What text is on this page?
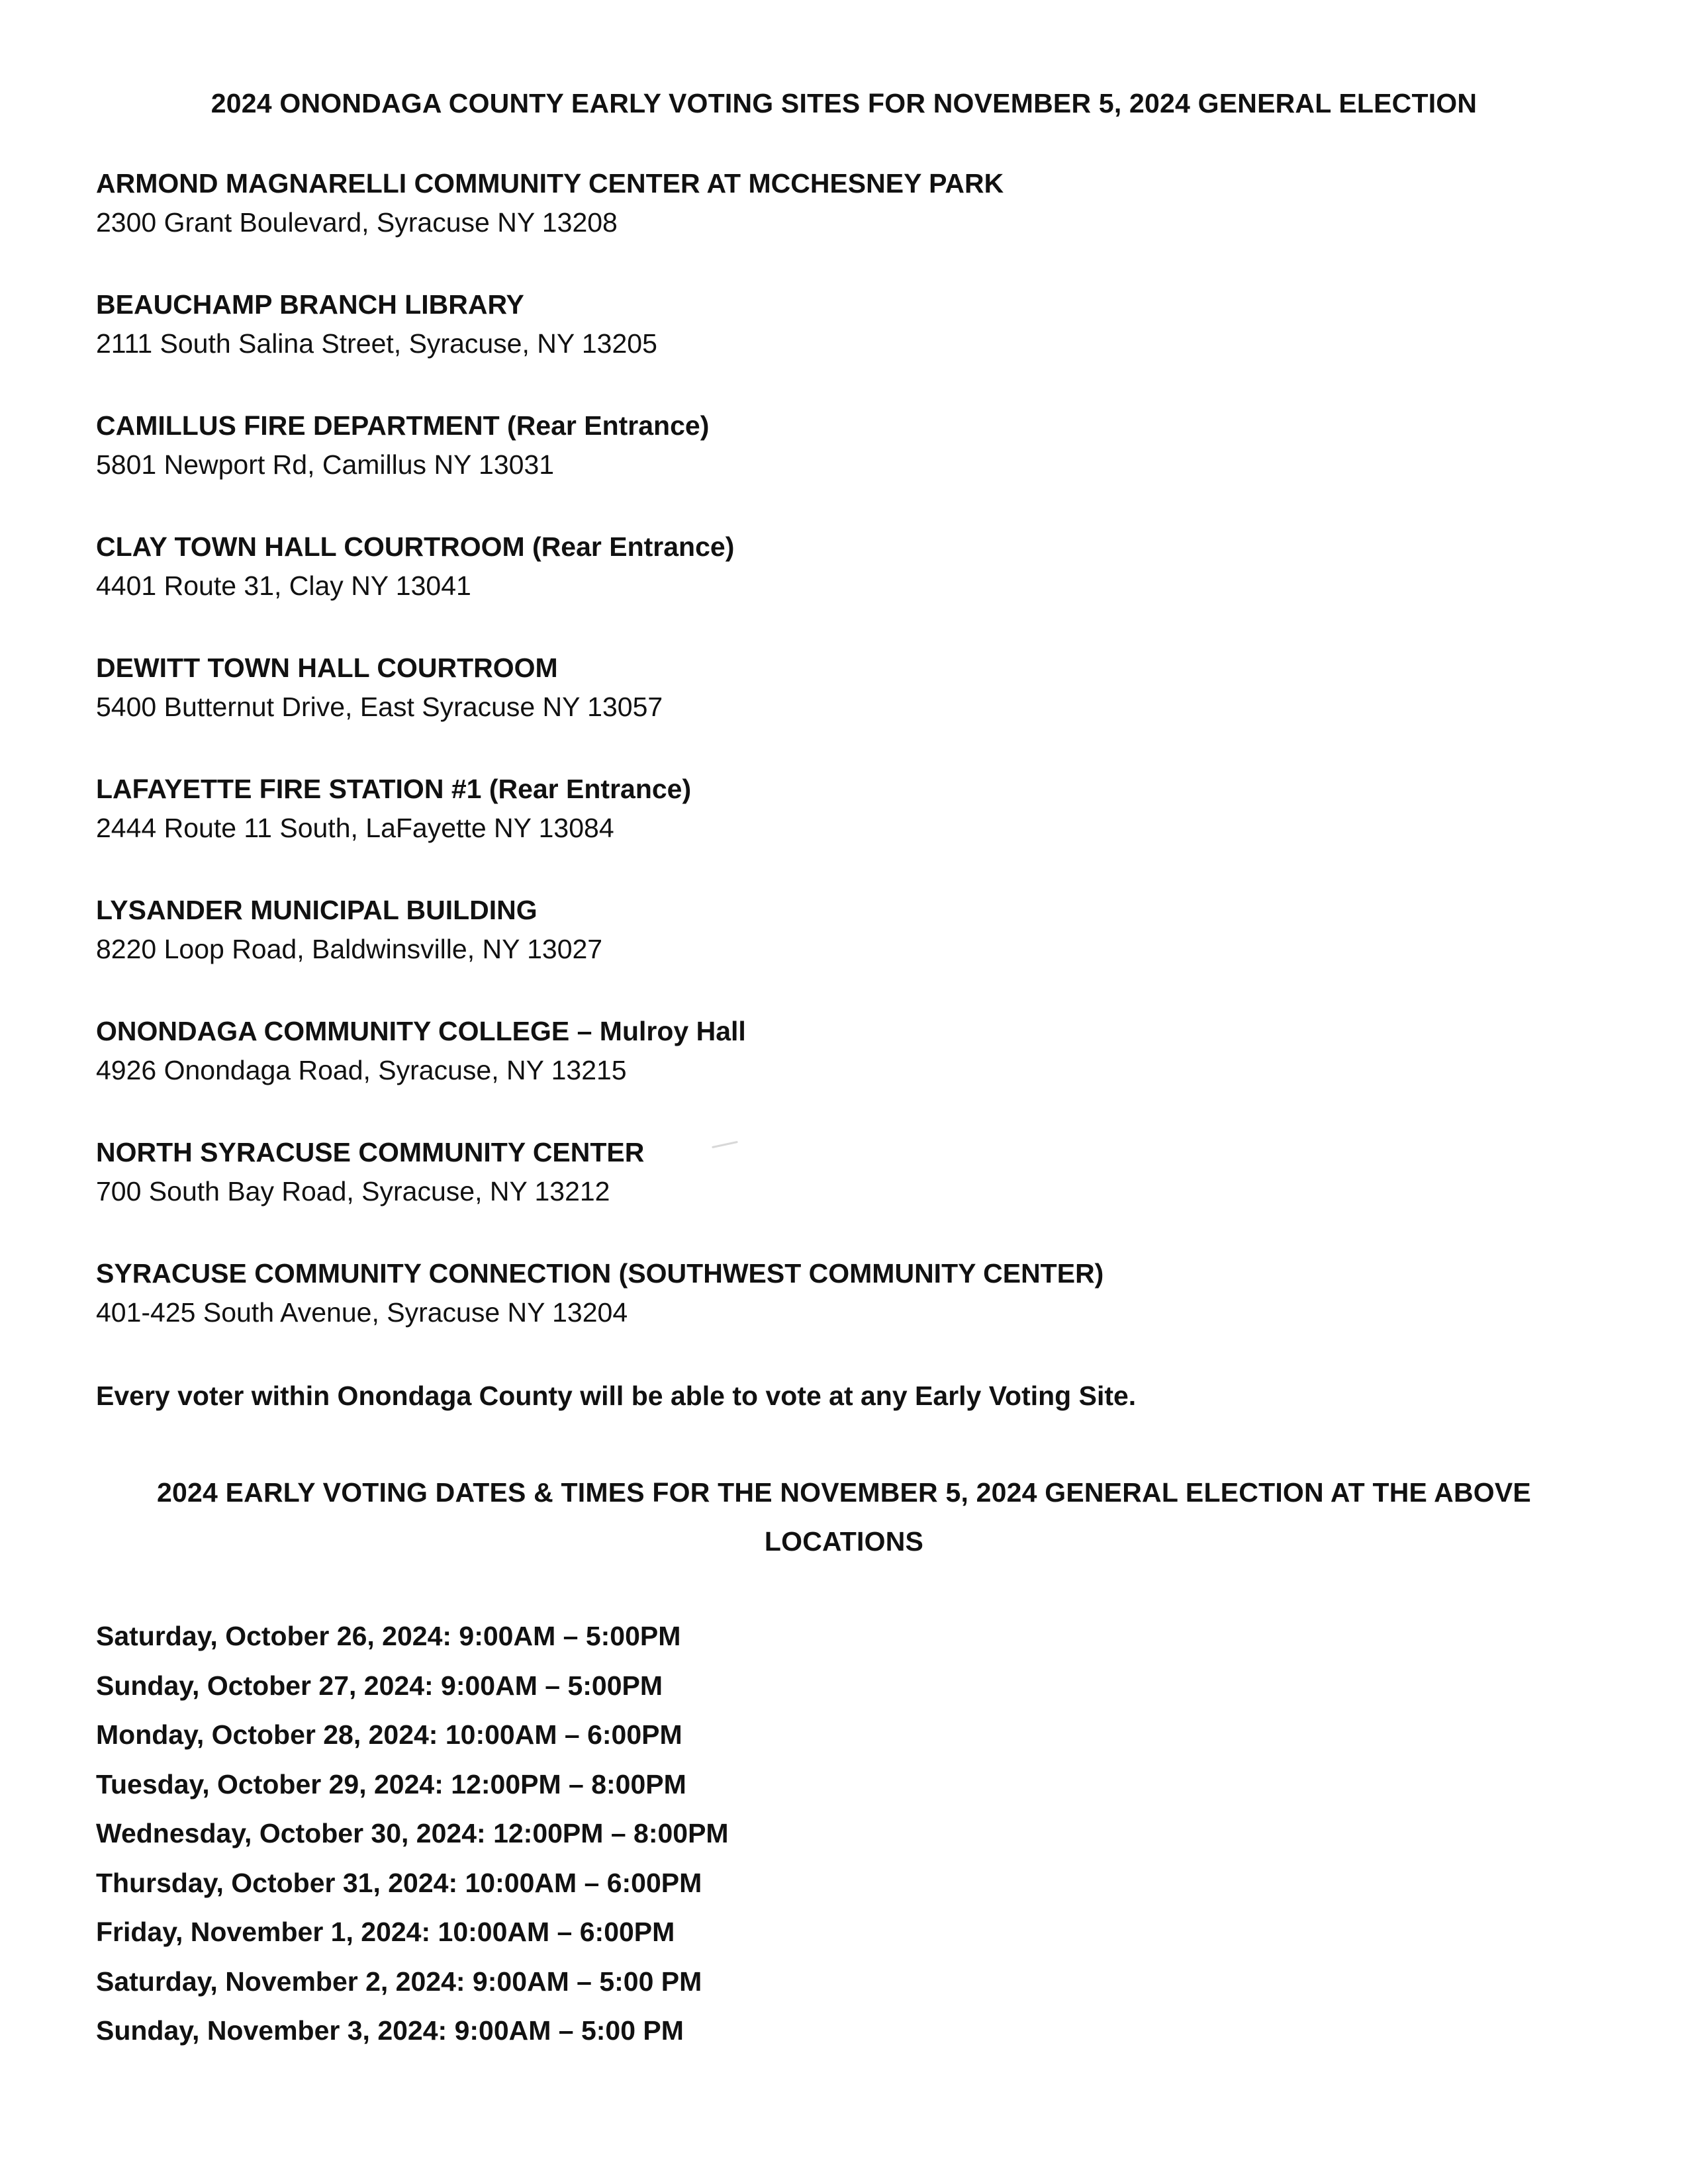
2024 ONONDAGA COUNTY EARLY VOTING SITES FOR NOVEMBER 5, 2024 GENERAL ELECTION
ARMOND MAGNARELLI COMMUNITY CENTER AT MCCHESNEY PARK
2300 Grant Boulevard, Syracuse NY 13208
BEAUCHAMP BRANCH LIBRARY
2111 South Salina Street, Syracuse, NY 13205
CAMILLUS FIRE DEPARTMENT (Rear Entrance)
5801 Newport Rd, Camillus NY 13031
CLAY TOWN HALL COURTROOM (Rear Entrance)
4401 Route 31, Clay NY 13041
DEWITT TOWN HALL COURTROOM
5400 Butternut Drive, East Syracuse NY 13057
LAFAYETTE FIRE STATION #1 (Rear Entrance)
2444 Route 11 South, LaFayette NY 13084
LYSANDER MUNICIPAL BUILDING
8220 Loop Road, Baldwinsville, NY 13027
ONONDAGA COMMUNITY COLLEGE – Mulroy Hall
4926 Onondaga Road, Syracuse, NY 13215
NORTH SYRACUSE COMMUNITY CENTER
700 South Bay Road, Syracuse, NY 13212
SYRACUSE COMMUNITY CONNECTION (SOUTHWEST COMMUNITY CENTER)
401-425 South Avenue, Syracuse NY 13204
Every voter within Onondaga County will be able to vote at any Early Voting Site.
2024 EARLY VOTING DATES & TIMES FOR THE NOVEMBER 5, 2024 GENERAL ELECTION AT THE ABOVE
LOCATIONS
Saturday, October 26, 2024: 9:00AM – 5:00PM
Sunday, October 27, 2024: 9:00AM – 5:00PM
Monday, October 28, 2024: 10:00AM – 6:00PM
Tuesday, October 29, 2024: 12:00PM – 8:00PM
Wednesday, October 30, 2024: 12:00PM – 8:00PM
Thursday, October 31, 2024: 10:00AM – 6:00PM
Friday, November 1, 2024: 10:00AM – 6:00PM
Saturday, November 2, 2024: 9:00AM – 5:00 PM
Sunday, November 3, 2024: 9:00AM – 5:00 PM
